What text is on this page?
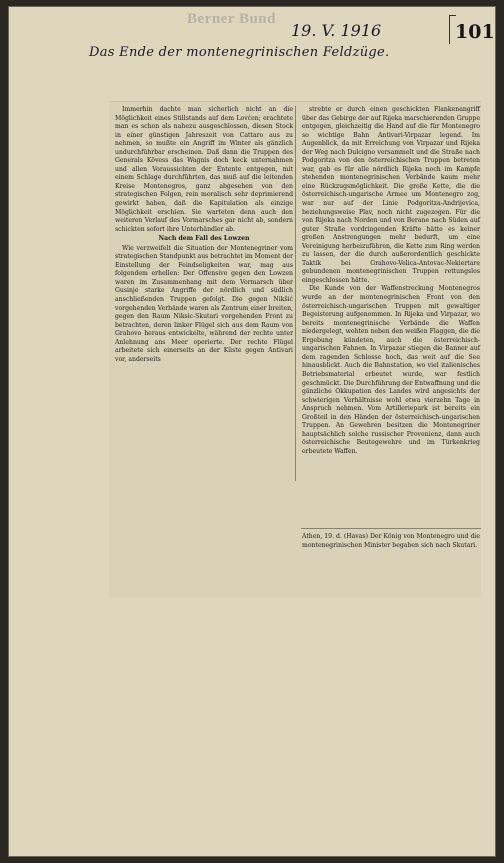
Berner Bund
19. V. 1916	101
Das Ende der montenegrinischen Feldzüge.

Immerhin dachte man sicherlich nicht an die Möglichkeit eines Stillstands auf dem Lovćen; erachtete man es schon als nahezu ausgeschlossen, diesen Stock in einer günstigen Jahreszeit von Cattaro aus zu nehmen, so mußte ein Angriff im Winter als gänzlich undurchführbar erscheinen. Daß dann die Truppen des Generals Kövess das Wagnis doch keck unternahmen und allen Voraussichten der Entente entgegen, mit einem Schlage durchführten, das muß auf die leitenden Kreise Montenegros, ganz abgesehen von den strategischen Folgen, rein moralisch sehr deprimierend gewirkt haben, daß die Kapitulation als einzige Möglichkeit erschien. Sie warteten denn auch den weiteren Verlauf des Vormarsches gar nicht ab, sondern schickten sofort ihre Unterhändler ab.

Nach dem Fall des Lowzen

Wie verzweifelt die Situation der Montenegriner vom strategischen Standpunkt aus betrachtet im Moment der Einstellung der Feindseligkeiten war, mag aus folgendem erhellen: Der Offensive gegen den Lowzen waren im Zusammenhang mit dem Vormarsch über Gusinje starke Angriffe der nördlich und südlich anschließenden Truppen gefolgt. Die gegen Nikšić vorgehenden Verbände waren als Zentrum einer breiten, gegen den Raum Niksic-Skutari vorgehenden Front zu betrachten, deren linker Flügel sich aus dem Raum von Grahovo heraus entwickelte, während der rechte unter Anlehnung ans Meer operierte. Der rechte Flügel arbeitete sich einerseits an der Küste gegen Antivari vor, anderseits

strebte er durch einen geschickten Flankenangriff über das Gebirge der auf Rijeka marschierenden Gruppe entgegen, gleichzeitig die Hand auf die für Montenegro so wichtige Bahn Antivari-Virpazar legend. Im Augenblick, da mit Erreichung von Virpazar und Rijeka der Weg nach Dulcigno versammelt und die Straße nach Podgoritza von den österreichischen Truppen betreten war, gab es für alle nördlich Rijeka noch im Kampfe stehenden montenegrinischen Verbände kaum mehr eine Rückzugsmöglichkeit. Die große Kette, die die österreichisch-ungarische Armee um Montenegro zog, war nur auf der Linie Podgoritza-Andrijevica, beziehungsweise Plav, noch nicht zugezogen. Für die von Rijeka nach Norden und von Berane nach Süden auf guter Straße vordringenden Kräfte hätte es keiner großen Anstrengungen mehr bedurft, um eine Vereinigung herbeizuführen, die Kette zum Ring werden zu lassen, der die durch außerordentlich geschickte Taktik bei Grahovo-Velica-Antovac-Nekiertare gebundenen montenegrinischen Truppen rettungslos eingeschlossen hätte.

Die Kunde von der Waffenstreckung Montenegros wurde an der montenegrinischen Front von den österreichisch-ungarischen Truppen mit gewaltiger Begeisterung aufgenommen. In Rijeka und Virpazar, wo bereits montenegrinische Verbände die Waffen niedergelegt, wehten neben den weißen Flaggen, die die Ergebung kündeten, auch die österreichisch-ungarischen Fahnen. In Virpazar stiegen die Banner auf dem ragenden Schlosse hoch, das weit auf die See hinausblickt. Auch die Bahnstation, wo viel italienisches Betriebsmaterial erbeutet wurde, war festlich geschmückt. Die Durchführung der Entwaffnung und die gänzliche Okkupation des Landes wird angesichts der schwierigen Verhältnisse wohl etwa vierzehn Tage in Anspruch nehmen. Vom Artilleriepark ist bereits ein Großteil in den Händen der österreichisch-ungarischen Truppen. An Gewehren besitzen die Montenegriner hauptsächlich solche russischer Provenienz, dann auch österreichische Beutegewehre und im Türkenkrieg erbeutete Waffen.

Athen, 19. d. (Havas) Der König von Montenegro und die montenegrinischen Minister begaben sich nach Skutari.
